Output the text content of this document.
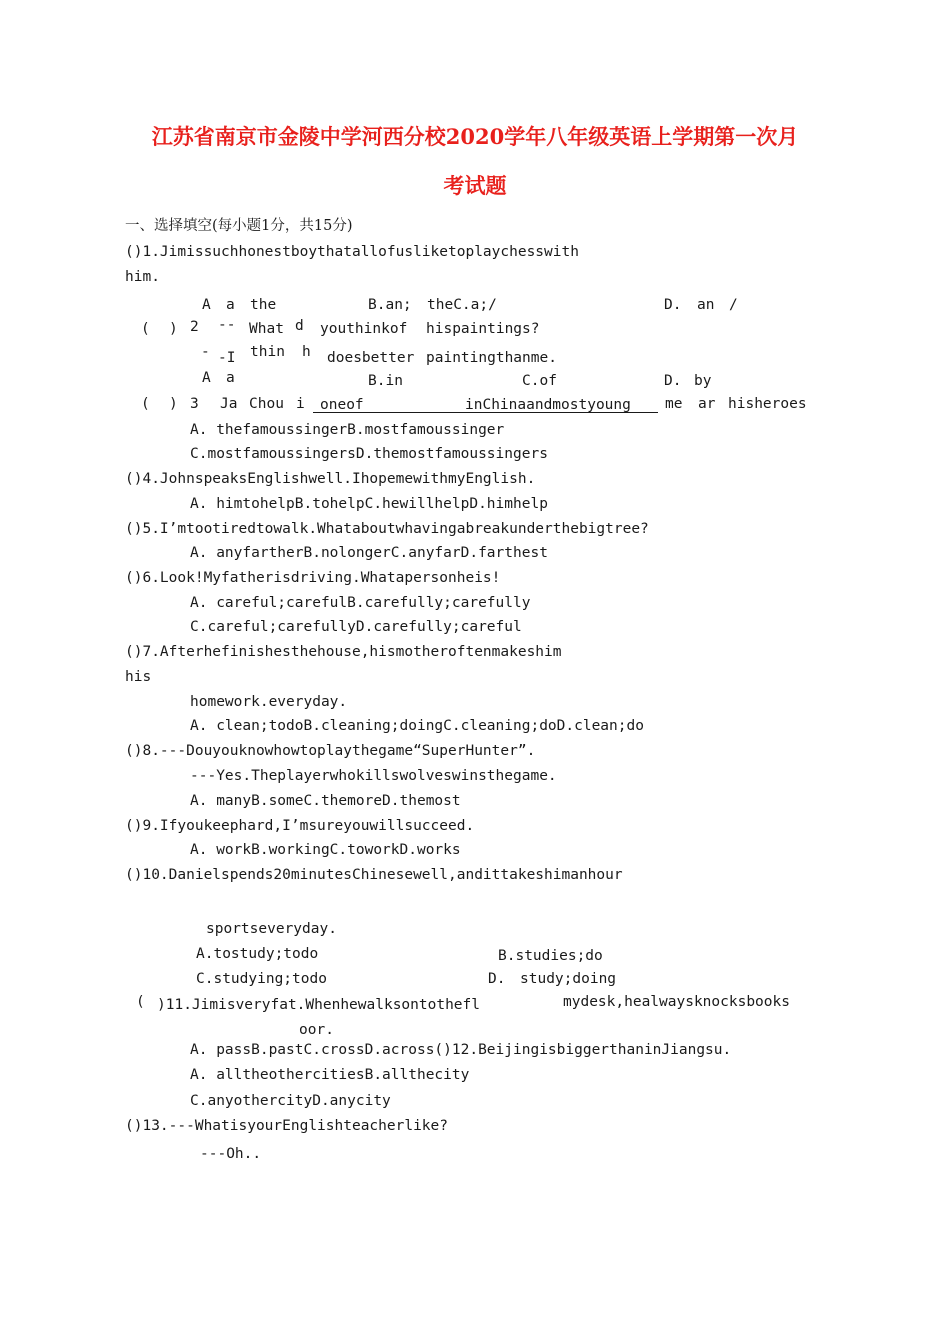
江苏省南京市金陵中学河西分校2020学年八年级英语上学期第一次月
考试题
一、选择填空(每小题1分，共15分)
()1.Jimissuchhonestboythatallofusliketoplaychesswith
him.
A a the	B.an; theC.a;/	D. an /
( ) 2 -- What d youthinkof hispaintings?
- -I thin h doesbetter paintingthanme.
A a	B.in	C.of	D. by
( ) 3 Ja Chou i oneof	inChinaandmostyoung me ar hisheroes
A. thefamoussingerB.mostfamoussinger
C.mostfamoussingersD.themostfamoussingers
()4.JohnspeaksEnglishwell.IhopemewithmyEnglish.
A. himtohelpB.tohelpC.hewillhelpD.himhelp
()5.I’mtootiredtowalk.Whataboutwhavingabreakunderthebigtree?
A. anyfartherB.nolongerC.anyfarD.farthest
()6.Look!Myfatherisdriving.Whatapersonheis!
A. careful;carefulB.carefully;carefully
C.careful;carefullyD.carefully;careful
()7.Afterhefinishesthehouse,hismotheroftenmakeshim
his
homework.everyday.
A. clean;todoB.cleaning;doingC.cleaning;doD.clean;do
()8.---Douyouknowhowtoplaythegame“SuperHunter”.
---Yes.Theplayerwhokillswolveswinsthegame.
A. manyB.someC.themoreD.themost
()9.Ifyoukeephard,I’msureyouwillsucceed.
A. workB.workingC.toworkD.works
()10.Danielspends20minutesChinesewell,andittakeshimanhour
sportseveryday.
A.tostudy;todo	B.studies;do
C.studying;todo	D. study;doing
( )11.Jimisveryfat.Whenhewalksontothefl	mydesk,healwaysknocksbooks
oor.
A. passB.pastC.crossD.across()12.BeijingisbiggerthaninJiangsu.
A. alltheothercitiesB.allthecity
C.anyothercityD.anycity
()13.---WhatisyourEnglishteacherlike?
---Oh..
